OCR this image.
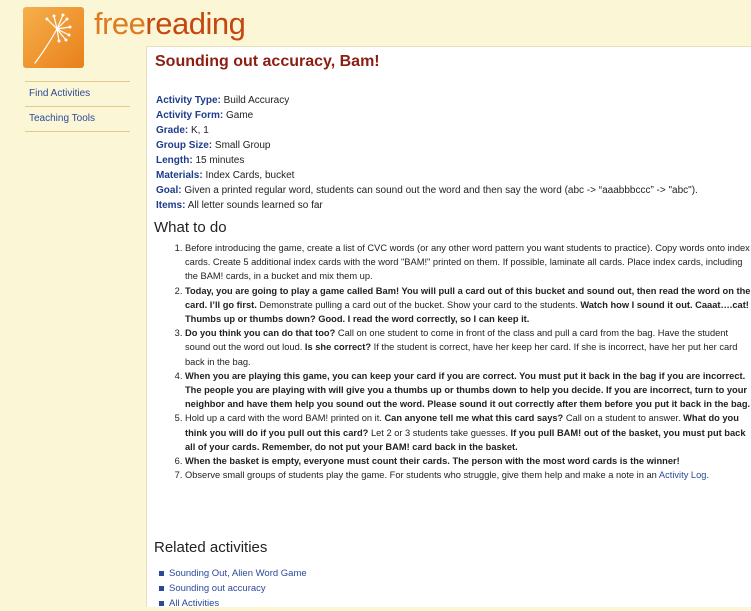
freereading
Find Activities
Teaching Tools
Sounding out accuracy, Bam!
Activity Type: Build Accuracy
Activity Form: Game
Grade: K, 1
Group Size: Small Group
Length: 15 minutes
Materials: Index Cards, bucket
Goal: Given a printed regular word, students can sound out the word and then say the word (abc -> “aaabbbccc” -> "abc").
Items: All letter sounds learned so far
What to do
1. Before introducing the game, create a list of CVC words (or any other word pattern you want students to practice). Copy words onto index cards. Create 5 additional index cards with the word "BAM!" printed on them. If possible, laminate all cards. Place index cards, including the BAM! cards, in a bucket and mix them up.
2. Today, you are going to play a game called Bam! You will pull a card out of this bucket and sound out, then read the word on the card. I’ll go first. Demonstrate pulling a card out of the bucket. Show your card to the students. Watch how I sound it out. Caaat….cat! Thumbs up or thumbs down? Good. I read the word correctly, so I can keep it.
3. Do you think you can do that too? Call on one student to come in front of the class and pull a card from the bag. Have the student sound out the word out loud. Is she correct? If the student is correct, have her keep her card. If she is incorrect, have her put her card back in the bag.
4. When you are playing this game, you can keep your card if you are correct. You must put it back in the bag if you are incorrect. The people you are playing with will give you a thumbs up or thumbs down to help you decide. If you are incorrect, turn to your neighbor and have them help you sound out the word. Please sound it out correctly after them before you put it back in the bag.
5. Hold up a card with the word BAM! printed on it. Can anyone tell me what this card says? Call on a student to answer. What do you think you will do if you pull out this card? Let 2 or 3 students take guesses. If you pull BAM! out of the basket, you must put back all of your cards. Remember, do not put your BAM! card back in the basket.
6. When the basket is empty, everyone must count their cards. The person with the most word cards is the winner!
7. Observe small groups of students play the game. For students who struggle, give them help and make a note in an Activity Log.
Related activities
Sounding Out, Alien Word Game
Sounding out accuracy
All Activities
